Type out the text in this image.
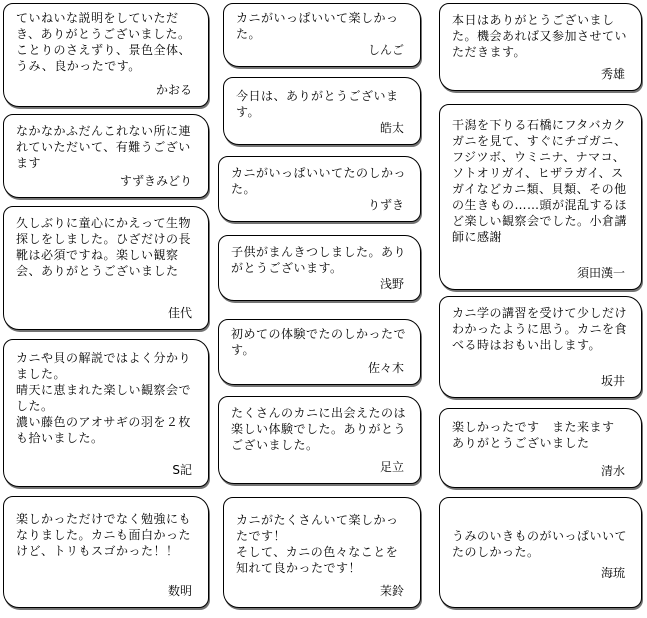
ていねいな説明をしていただき、ありがとうございました。ことりのさえずり、景色全体、うみ、良かったです。

かおる

なかなかふだんこれない所に連れていただいて、有難うございます

すずきみどり

久しぶりに童心にかえって生物探しをしました。ひざだけの長靴は必須ですね。楽しい観察会、ありがとうございました

佳代

カニや貝の解説ではよく分かりました。
晴天に恵まれた楽しい観察会でした。
濃い藤色のアオサギの羽を２枚も拾いました。

S記

楽しかっただけでなく勉強にもなりました。カニも面白かったけど、トリもスゴかった！！

数明

カニがいっぱいいて楽しかった。

しんご

今日は、ありがとうございます。

皓太

カニがいっぱいいてたのしかった。

りずき

子供がまんきつしました。ありがとうございます。

浅野

初めての体験でたのしかったです。

佐々木

たくさんのカニに出会えたのは楽しい体験でした。ありがとうございました。

足立

カニがたくさんいて楽しかったです！
そして、カニの色々なことを知れて良かったです！

茉鈴

本日はありがとうございました。機会あれば又参加させていただきます。

秀雄

干潟を下りる石橋にフタバカクガニを見て、すぐにチゴガニ、フジツボ、ウミニナ、ナマコ、ソトオリガイ、ヒザラガイ、スガイなどカニ類、貝類、その他の生きもの……頭が混乱するほど楽しい観察会でした。小倉講師に感謝

須田漢一

カニ学の講習を受けて少しだけわかったように思う。カニを食べる時はおもい出します。

坂井

楽しかったです　また来ます
ありがとうございました

清水

うみのいきものがいっぱいいてたのしかった。

海琉
